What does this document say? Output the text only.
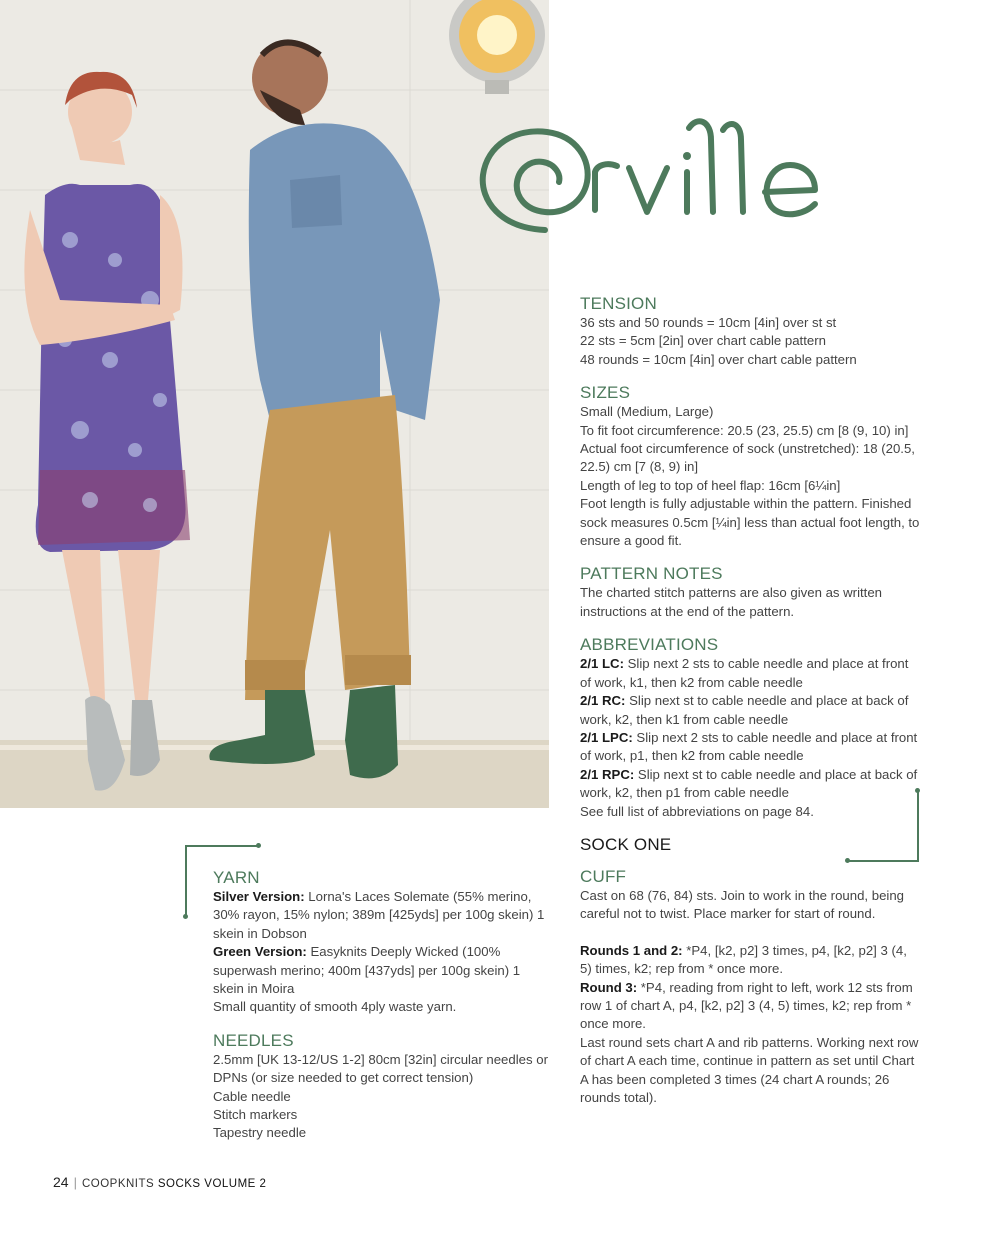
TENSION

36 sts and 50 rounds = 10cm [4in] over st st

22 sts = 5cm [2in] over chart cable pattern

48 rounds = 10cm [4in] over chart cable pattern

SIZES

Small (Medium, Large)

To fit foot circumference: 20.5 (23, 25.5) cm [8 (9, 10) in]

Actual foot circumference of sock (unstretched): 18 (20.5, 22.5) cm [7 (8, 9) in]

Length of leg to top of heel flap: 16cm [6¼in]

Foot length is fully adjustable within the pattern. Finished sock measures 0.5cm [¼in] less than actual foot length, to ensure a good fit.

PATTERN NOTES

The charted stitch patterns are also given as written instructions at the end of the pattern.

ABBREVIATIONS

2/1 LC: Slip next 2 sts to cable needle and place at front of work, k1, then k2 from cable needle

2/1 RC: Slip next st to cable needle and place at back of work, k2, then k1 from cable needle

2/1 LPC: Slip next 2 sts to cable needle and place at front of work, p1, then k2 from cable needle

2/1 RPC: Slip next st to cable needle and place at back of work, k2, then p1 from cable needle

See full list of abbreviations on page 84.

SOCK ONE

CUFF

Cast on 68 (76, 84) sts. Join to work in the round, being careful not to twist. Place marker for start of round.

Rounds 1 and 2: *P4, [k2, p2] 3 times, p4, [k2, p2] 3 (4, 5) times, k2; rep from * once more.

Round 3: *P4, reading from right to left, work 12 sts from row 1 of chart A, p4, [k2, p2] 3 (4, 5) times, k2; rep from * once more.

Last round sets chart A and rib patterns. Working next row of chart A each time, continue in pattern as set until Chart A has been completed 3 times (24 chart A rounds; 26 rounds total).

YARN

Silver Version: Lorna's Laces Solemate (55% merino, 30% rayon, 15% nylon; 389m [425yds] per 100g skein) 1 skein in Dobson

Green Version: Easyknits Deeply Wicked (100% superwash merino; 400m [437yds] per 100g skein) 1 skein in Moira

Small quantity of smooth 4ply waste yarn.

NEEDLES

2.5mm [UK 13-12/US 1-2] 80cm [32in] circular needles or DPNs (or size needed to get correct tension)

Cable needle

Stitch markers

Tapestry needle

24 | COOPKNITS SOCKS VOLUME 2
